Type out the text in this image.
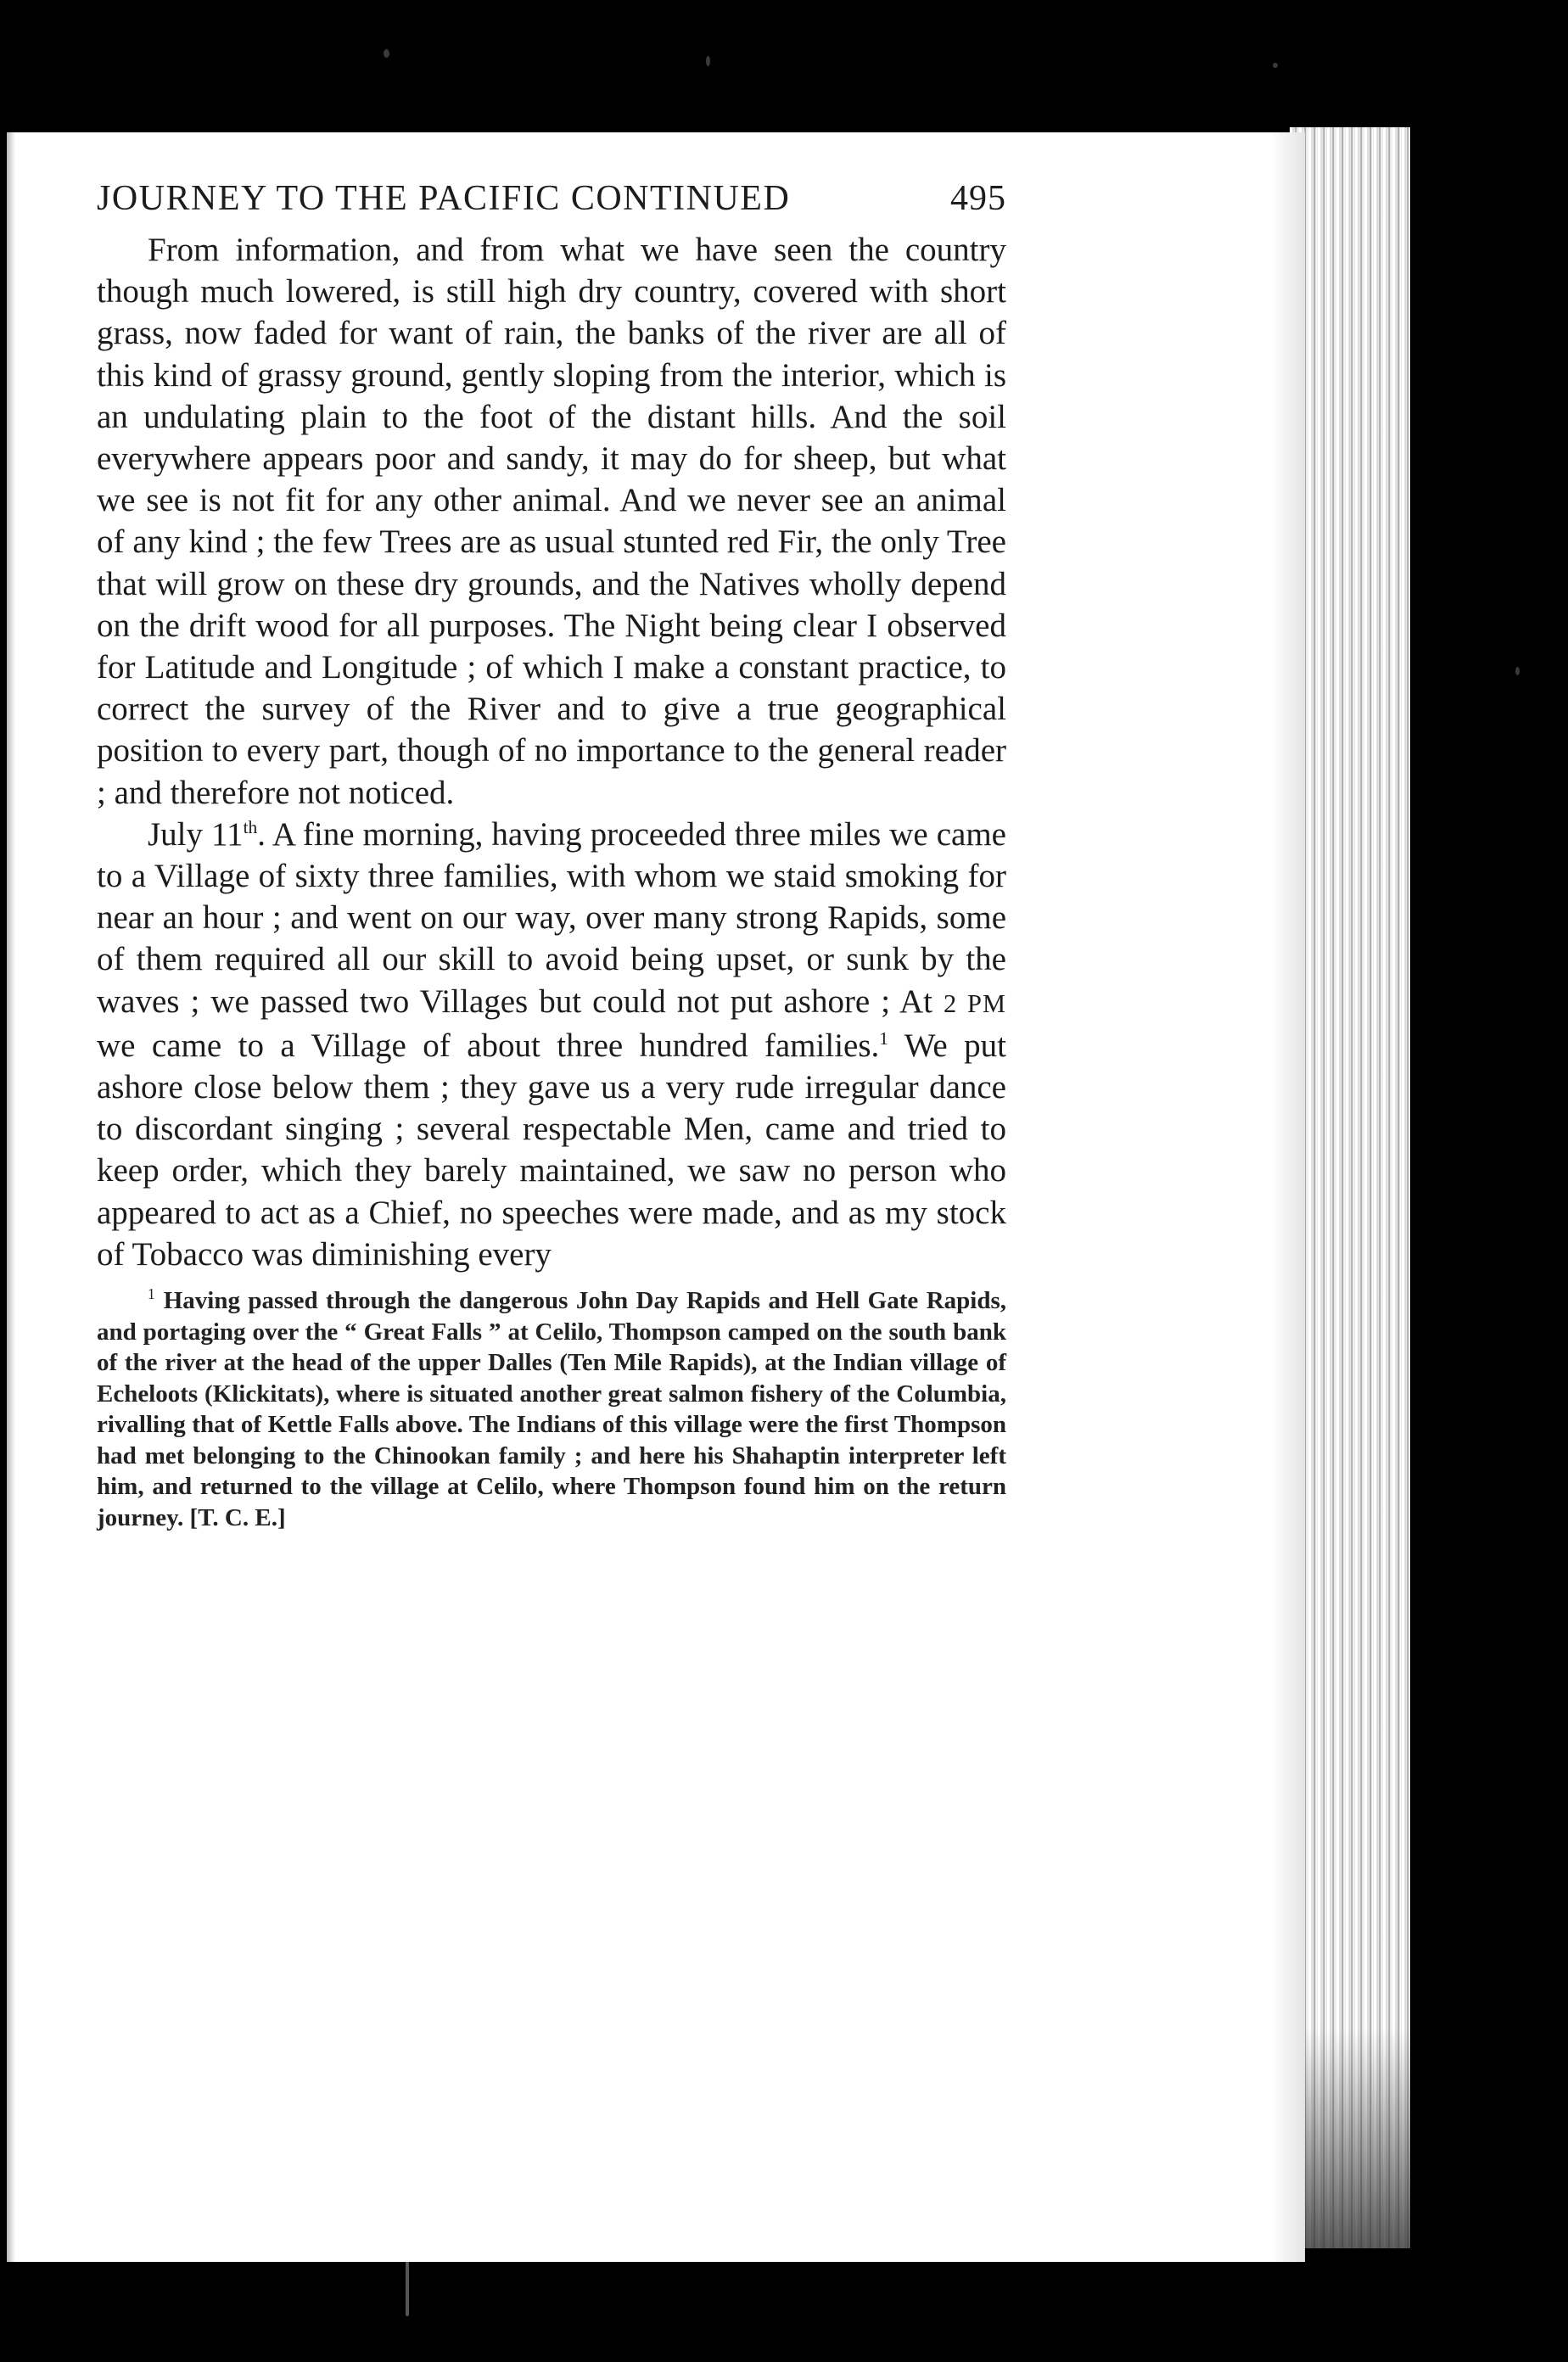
JOURNEY TO THE PACIFIC CONTINUED	495

From information, and from what we have seen the country though much lowered, is still high dry country, covered with short grass, now faded for want of rain, the banks of the river are all of this kind of grassy ground, gently sloping from the interior, which is an undulating plain to the foot of the distant hills. And the soil everywhere appears poor and sandy, it may do for sheep, but what we see is not fit for any other animal. And we never see an animal of any kind ; the few Trees are as usual stunted red Fir, the only Tree that will grow on these dry grounds, and the Natives wholly depend on the drift wood for all purposes. The Night being clear I observed for Latitude and Longitude ; of which I make a constant practice, to correct the survey of the River and to give a true geographical position to every part, though of no importance to the general reader ; and therefore not noticed.

July 11th. A fine morning, having proceeded three miles we came to a Village of sixty three families, with whom we staid smoking for near an hour ; and went on our way, over many strong Rapids, some of them required all our skill to avoid being upset, or sunk by the waves ; we passed two Villages but could not put ashore ; At 2 PM we came to a Village of about three hundred families.$^1$ We put ashore close below them ; they gave us a very rude irregular dance to discordant singing ; several respectable Men, came and tried to keep order, which they barely maintained, we saw no person who appeared to act as a Chief, no speeches were made, and as my stock of Tobacco was diminishing every

$^1$ Having passed through the dangerous John Day Rapids and Hell Gate Rapids, and portaging over the “ Great Falls ” at Celilo, Thompson camped on the south bank of the river at the head of the upper Dalles (Ten Mile Rapids), at the Indian village of Echeloots (Klickitats), where is situated another great salmon fishery of the Columbia, rivalling that of Kettle Falls above. The Indians of this village were the first Thompson had met belonging to the Chinookan family ; and here his Shahaptin interpreter left him, and returned to the village at Celilo, where Thompson found him on the return journey. [T. C. E.]
